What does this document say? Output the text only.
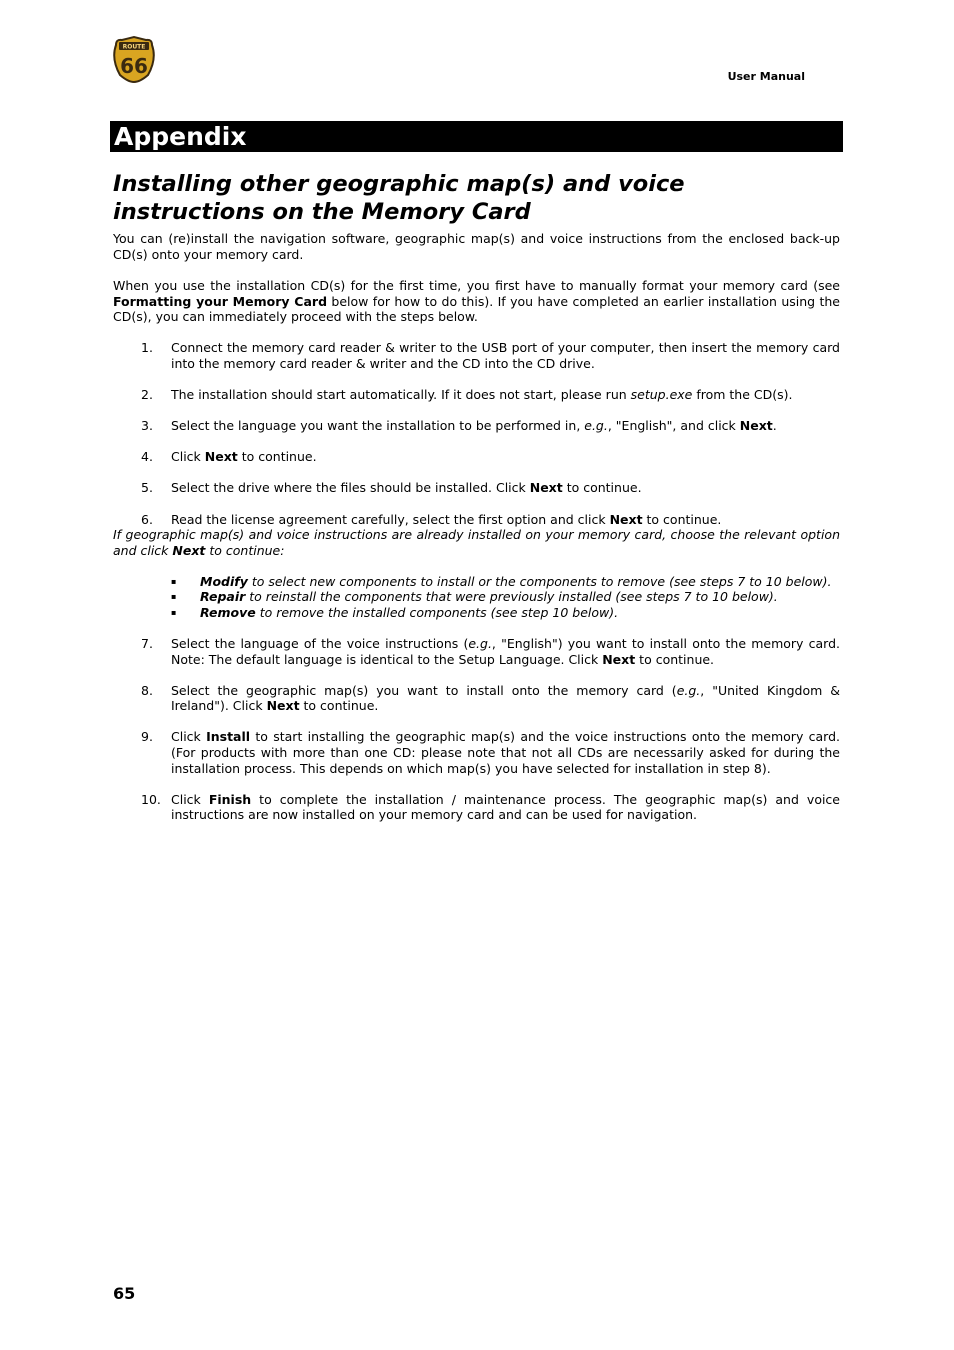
ROUTE
66	User Manual
Appendix
Installing other geographic map(s) and voice instructions on the Memory Card

You can (re)install the navigation software, geographic map(s) and voice instructions from the enclosed back-up CD(s) onto your memory card.

When you use the installation CD(s) for the first time, you first have to manually format your memory card (see Formatting your Memory Card below for how to do this). If you have completed an earlier installation using the CD(s), you can immediately proceed with the steps below.

1.	Connect the memory card reader & writer to the USB port of your computer, then insert the memory card into the memory card reader & writer and the CD into the CD drive.
2.	The installation should start automatically. If it does not start, please run setup.exe from the CD(s).
3.	Select the language you want the installation to be performed in, e.g., "English", and click Next.
4.	Click Next to continue.
5.	Select the drive where the files should be installed. Click Next to continue.
6.	Read the license agreement carefully, select the first option and click Next to continue.

If geographic map(s) and voice instructions are already installed on your memory card, choose the relevant option and click Next to continue:

▪	Modify to select new components to install or the components to remove (see steps 7 to 10 below).
▪	Repair to reinstall the components that were previously installed (see steps 7 to 10 below).
▪	Remove to remove the installed components (see step 10 below).
7.	Select the language of the voice instructions (e.g., "English") you want to install onto the memory card. Note: The default language is identical to the Setup Language. Click Next to continue.
8.	Select the geographic map(s) you want to install onto the memory card (e.g., "United Kingdom & Ireland"). Click Next to continue.
9.	Click Install to start installing the geographic map(s) and the voice instructions onto the memory card. (For products with more than one CD: please note that not all CDs are necessarily asked for during the installation process. This depends on which map(s) you have selected for installation in step 8).
10. Click Finish to complete the installation / maintenance process. The geographic map(s) and voice instructions are now installed on your memory card and can be used for navigation.
65
